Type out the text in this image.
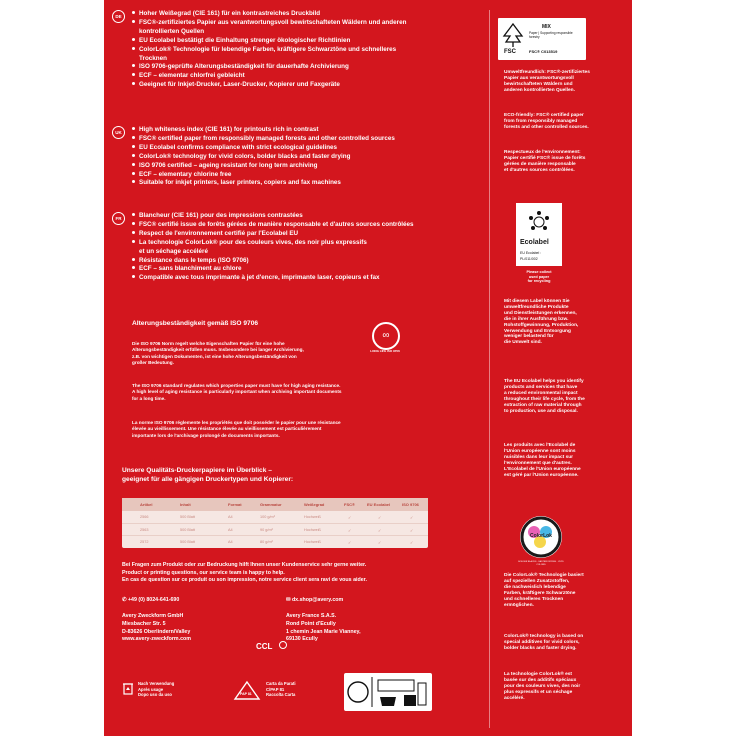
DE	Hoher Weißegrad (CIE 161) für ein kontrastreiches Druckbild
FSC®-zertifiziertes Papier aus verantwortungsvoll bewirtschafteten Wäldern und anderen
kontrollierten Quellen
EU Ecolabel bestätigt die Einhaltung strenger ökologischer Richtlinien
ColorLok® Technologie für lebendige Farben, kräftigere Schwarztöne und schnelleres
Trocknen
ISO 9706-geprüfte Alterungsbeständigkeit für dauerhafte Archivierung
ECF – elementar chlorfrei gebleicht
Geeignet für Inkjet-Drucker, Laser-Drucker, Kopierer und Faxgeräte
UK	High whiteness index (CIE 161) for printouts rich in contrast
FSC® certified paper from responsibly managed forests and other controlled sources
EU Ecolabel confirms compliance with strict ecological guidelines
ColorLok® technology for vivid colors, bolder blacks and faster drying
ISO 9706 certified – ageing resistant for long term archiving
ECF – elementary chlorine free
Suitable for inkjet printers, laser printers, copiers and fax machines
FR	Blancheur (CIE 161) pour des impressions contrastées
FSC® certifié issue de forêts gérées de manière responsable et d'autres sources contrôlées
Respect de l'environnement certifié par l'Ecolabel EU
La technologie ColorLok® pour des couleurs vives, des noir plus expressifs
et un séchage accéléré
Résistance dans le temps (ISO 9706)
ECF – sans blanchiment au chlore
Compatible avec tous imprimante à jet d'encre, imprimante laser, copieurs et fax
Alterungsbeständigkeit gemäß ISO 9706
∞
LONG LIFE ISO 9706
Die ISO 9706 Norm regelt welche Eigenschaften Papier für eine hohe
Alterungsbeständigkeit erfüllen muss. Insbesondere bei langer Archivierung,
z.B. von wichtigen Dokumenten, ist eine hohe Alterungsbeständigkeit von
großer Bedeutung.
The ISO 9706 standard regulates which properties paper must have for high aging resistance.
A high level of aging resistance is particularly important when archiving important documents
for a long time.
La norme ISO 9706 réglemente les propriétés que doit posséder le papier pour une résistance
élevée au vieillissement. Une résistance élevée au vieillissement est particulièrement
importante lors de l'archivage prolongé de documents importants.
Unsere Qualitäts-Druckerpapiere im Überblick –
geeignet für alle gängigen Druckertypen und Kopierer:
Artikel	Inhalt	Format	Grammatur	Weißegrad	FSC®	EU Ecolabel	ISO 9706
2566	500 Blatt	A4	100 g/m²	Hochweiß	✓	✓	✓
2563	500 Blatt	A4	90 g/m²	Hochweiß	✓	✓	✓
2572	500 Blatt	A4	80 g/m²	Hochweiß	✓	✓	✓
Bei Fragen zum Produkt oder zur Bedruckung hilft Ihnen unser Kundenservice sehr gerne weiter.
Product or printing questions, our service team is happy to help.
En cas de question sur ce produit ou son impression, notre service client sera ravi de vous aider.
✆ +49 (0) 8024-641-690	✉ dx.shop@avery.com
Avery Zweckform GmbH
Miesbacher Str. 5
D-83626 Oberlindern/Valley
www.avery-zweckform.com
CCL
Avery France S.A.S.
Rond Point d'Ecully
1 chemin Jean Marie Vianney,
69130 Ecully
Nach Verwendung
Après usage
Dopo uso da uso	PAP 81
Carta da Parati
C/PAP 81
Raccolta Carta
FSC
MIX
Paper | Supporting responsible forestry
FSC® C013519
Umweltfreundlich: FSC®-zertifiziertes
Papier aus verantwortungsvoll
bewirtschafteten Wäldern und
anderen kontrollierten Quellen.
ECO-friendly: FSC® certified paper
from from responsibly managed
forests and other controlled sources.
Respectueux de l'environnement:
Papier certifié FSC® issue de forêts
gérées de manière responsable
et d'autres sources contrôlées.
Ecolabel
EU Ecolabel :
PL/011/002
Please collect
used paper
for recycling
Mit diesem Label können Sie
umweltfreundliche Produkte
und Dienstleistungen erkennen,
die in ihrer Ausführung bzw.
Rohstoffgewinnung, Produktion,
Verwendung und Entsorgung
weniger belastend für
die Umwelt sind.
The EU Ecolabel helps you identify
products and services that have
a reduced environmental impact
throughout their life cycle, from the
extraction of raw material through
to production, use and disposal.
Les produits avec l'Ecolabel de
l'Union européenne sont moins
nuisibles dans leur impact sur
l'environnement que d'autres.
L'Ecolabel de l'Union européenne
est géré par l'Union européenne.
ColorLok
BOLDER BLACKS · FASTER DRYING · VIVID COLORS
Die ColorLok® Technologie basiert
auf speziellen Zusatzstoffen,
die nachweislich lebendige
Farben, kräftigere Schwarztöne
und schnelleres Trocknen
ermöglichen.
ColorLok® technology is based on
special additives for vivid colors,
bolder blacks and faster drying.
La technologie ColorLok® est
basée sur des additifs spéciaux
pour des couleurs vives, des noir
plus expressifs et un séchage
accéléré.
